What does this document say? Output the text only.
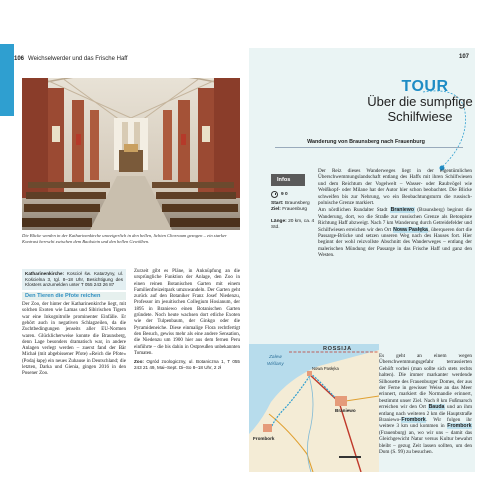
106 Weichselwerder und das Frische Haff
Die Blicke werden in der Katharinenkirche unweigerlich in den hellen, lichten Chorraum gezogen – ein starker Kontrast herrscht zwischen dem Backstein und den hellen Gewölben.
Katharinenkirche: Koscioł św. Katarzyny, ul. Kościelna 3, tgl. 8–18 Uhr, Besichtigung des Klosters anzumelden unter T 055 243 26 87
Den Tieren die Pfote reichen
Der Zoo, der hinter der Katharinenkirche liegt, mit solchen Exoten wie Lamas und Sibirischen Tigern war eine Inkognitrolle prominenter Einfälle. Er gehört auch in negativen Schlagzeilen, da die Zuchtbedingungen jenseits aller EU-Normen waren. Glücklicherweise konnte die Braunsberg, denn Lage besonders dramatisch war, in andere Anlagen verlegt werden – zuerst fand der Bär Michał (mit abgebissener Pfote) »Reich die Pfote« (Podaj łapę) ein neues Zuhause in Deutschland; die letzten, Darka und Gienia, gingen 2016 in den Posener Zoo.
Zurzeit gibt es Pläne, in Anknüpfung an die ursprüngliche Funktion der Anlage, den Zoo in einen reinen Botanischen Garten mit einem Familienfreizeitpark umzuwandeln. Der Garten geht zurück auf den Botaniker Franz Josef Niedenzu, Professor im jesuitischen Collegium Hosianum, der 1895 in Braniewo einen Botanischen Garten gründete. Noch heute wachsen dort etliche Exoten wie der Tulpenbaum, der Ginkgo oder die Pyramideneiche. Diese einmalige Flora rechtfertigt den Besuch, gewiss mehr als eine andere Sensation, die Niedenzu um 1900 hier aus dem fernen Peru einführte – die bis dahin in Ostpreußen unbekannten Tomaten.
Zoo: Ogród zoologiczny, ul. Botaniczna 1, T 055 243 21 49, Mai–Sept. Di–So 8–18 Uhr, 2 zł
107
TOUR
Über die sumpfige
Schilfwiese
Wanderung von Braunsberg nach Frauenburg
Infos
9 0
Start: Braunsberg
Ziel: Frauenburg
Länge: 20 km, ca. 4 Std.

Der Reiz dieses Wanderweges liegt in der eigentümlichen Überschwemmungslandschaft entlang des Haffs mit ihren Schilfwiesen und dem Reichtum der Vogelwelt – Wasser- oder Raubvögel wie Weißkopf- oder Milane hat der Autor hier schon beobachtet. Die Blicke schweifen bis zur Nehrung, wo ein Beobachtungsturm die russisch-polnische Grenze markiert.

Am nördlichen Rundalter Stadt Braniewo (Braunsberg) beginnt die Wanderung, dort, wo die Straße zur russischen Grenze als Betonpiste Richtung Haff abzweigt. Nach 7 km Wanderung durch Getreidefelder und Schilfwiesen erreichen wir den Ort Nowa Pasłęka, überqueren dort die Passarge-Brücke und setzen unseren Weg nach des Hauses fort. Hier beginnt der wohl reizvollste Abschnitt des Wanderweges – entlang der malerischen Mündung der Passarge in das Frische Haff und ganz den Westen.

ROSSIJA
Zalew
Wiślany
Nowa Pasłęka
Braniewo
Frombork
Es geht an einem wegen Überschwemmungsgefahr terrassierten Gehöft vorbei (man sollte sich stets rechts halten). Die immer markanter werdende Silhouette des Frauenburger Domes, der aus der Ferne in gewisser Weise an das Meer erinnert, markiert die Normandie erinnert, bestimmt unser Ziel. Nach 8 km Fußmarsch erreichen wir den Ort Bauda und an ihm entlang nach weiteren 2 km die Hauptstraße Braniewo-Frombork. Wir folgen ihr weitere 3 km und kommen in Frombork (Frauenburg) an, wo wir uns – damit das Gleichgewicht Natur versus Kultur bewahrt bleibt – gezug Zeit lassen sollten, um den Dom (S. 99) zu besuchen.
